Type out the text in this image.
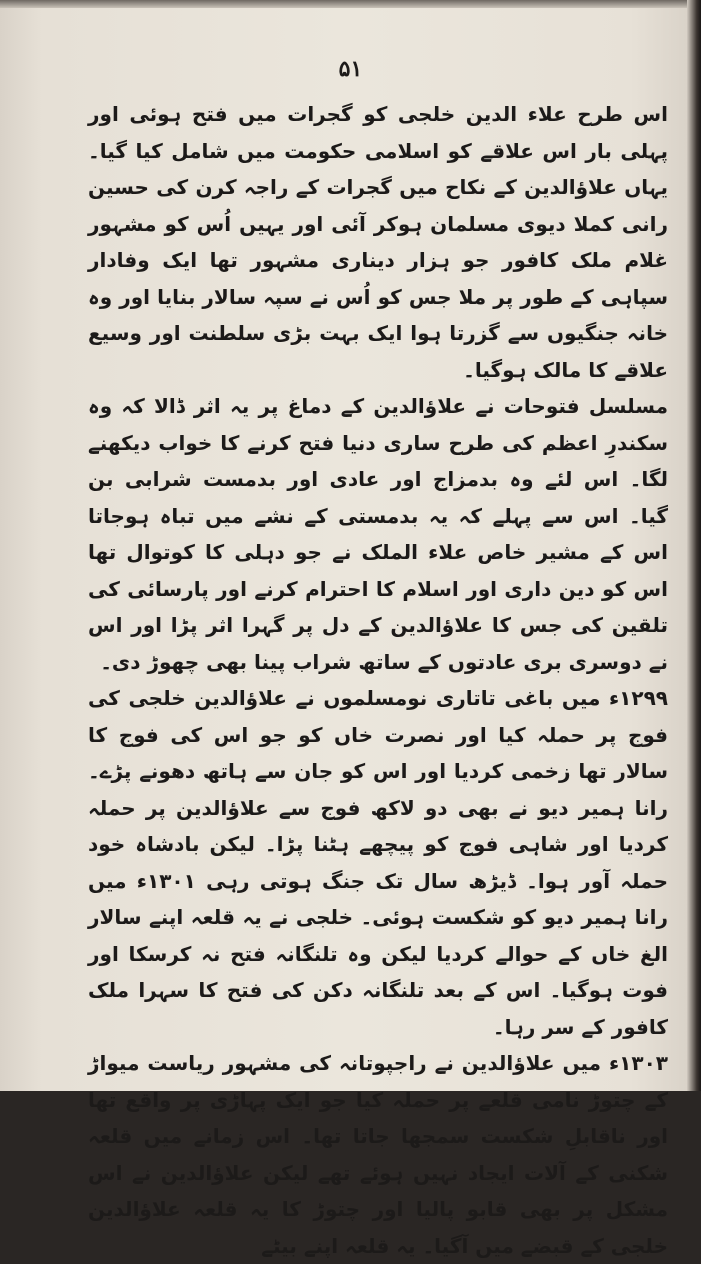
۵۱

اس طرح علاء الدین خلجی کو گجرات میں فتح ہوئی اور پہلی بار اس علاقے کو اسلامی حکومت میں شامل کیا گیا۔ یہاں علاؤالدین کے نکاح میں گجرات کے راجہ کرن کی حسین رانی کملا دیوی مسلمان ہوکر آئی اور یہیں اُس کو مشہور غلام ملک کافور جو ہزار دیناری مشہور تھا ایک وفادار سپاہی کے طور پر ملا جس کو اُس نے سپہ سالار بنایا اور وہ خانہ جنگیوں سے گزرتا ہوا ایک بہت بڑی سلطنت اور وسیع علاقے کا مالک ہوگیا۔

مسلسل فتوحات نے علاؤالدین کے دماغ پر یہ اثر ڈالا کہ وہ سکندرِ اعظم کی طرح ساری دنیا فتح کرنے کا خواب دیکھنے لگا۔ اس لئے وہ بدمزاج اور عادی اور بدمست شرابی بن گیا۔ اس سے پہلے کہ یہ بدمستی کے نشے میں تباہ ہوجاتا اس کے مشیر خاص علاء الملک نے جو دہلی کا کوتوال تھا اس کو دین داری اور اسلام کا احترام کرنے اور پارسائی کی تلقین کی جس کا علاؤالدین کے دل پر گہرا اثر پڑا اور اس نے دوسری بری عادتوں کے ساتھ شراب پینا بھی چھوڑ دی۔

۱۲۹۹ء میں باغی تاتاری نومسلموں نے علاؤالدین خلجی کی فوج پر حملہ کیا اور نصرت خاں کو جو اس کی فوج کا سالار تھا زخمی کردیا اور اس کو جان سے ہاتھ دھونے پڑے۔ رانا ہمیر دیو نے بھی دو لاکھ فوج سے علاؤالدین پر حملہ کردیا اور شاہی فوج کو پیچھے ہٹنا پڑا۔ لیکن بادشاہ خود حملہ آور ہوا۔ ڈیڑھ سال تک جنگ ہوتی رہی ۱۳۰۱ء میں رانا ہمیر دیو کو شکست ہوئی۔ خلجی نے یہ قلعہ اپنے سالار الغ خاں کے حوالے کردیا لیکن وہ تلنگانہ فتح نہ کرسکا اور فوت ہوگیا۔ اس کے بعد تلنگانہ دکن کی فتح کا سہرا ملک کافور کے سر رہا۔

۱۳۰۳ء میں علاؤالدین نے راجپوتانہ کی مشہور ریاست میواڑ کے چتوڑ نامی قلعے پر حملہ کیا جو ایک پہاڑی پر واقع تھا اور ناقابلِ شکست سمجھا جاتا تھا۔ اس زمانے میں قلعہ شکنی کے آلات ایجاد نہیں ہوئے تھے لیکن علاؤالدین نے اس مشکل پر بھی قابو پالیا اور چتوڑ کا یہ قلعہ علاؤالدین خلجی کے قبضے میں آگیا۔ یہ قلعہ اپنے بیٹے
